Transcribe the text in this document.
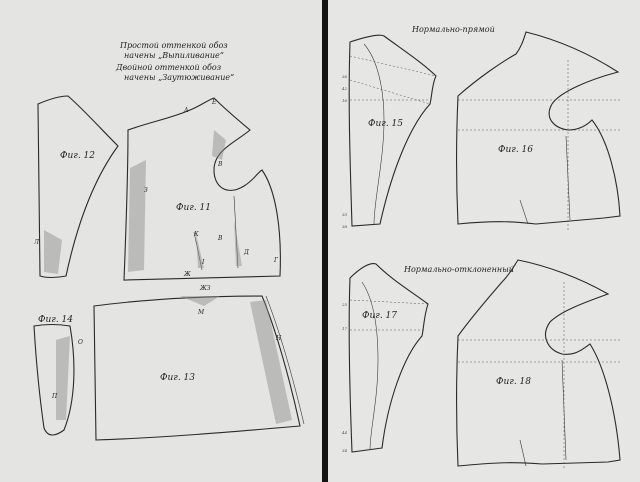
Простой оттенкой обоз
начены „Выпиливание“
Двойной оттенкой обоз
начены „Заутюживание“
Фиг. 12
Л
Фиг. 11
А
Е
В
З
К
В
Д
Г
І
Ж
ЖЗ
М
Н
Фиг. 13
Фиг. 14
О
П
Нормально-прямой
Нормально-отклоненный
Фиг. 15
36
42
16
35
38
Фиг. 16
Фиг. 17
25
17
44
34
Фиг. 18
